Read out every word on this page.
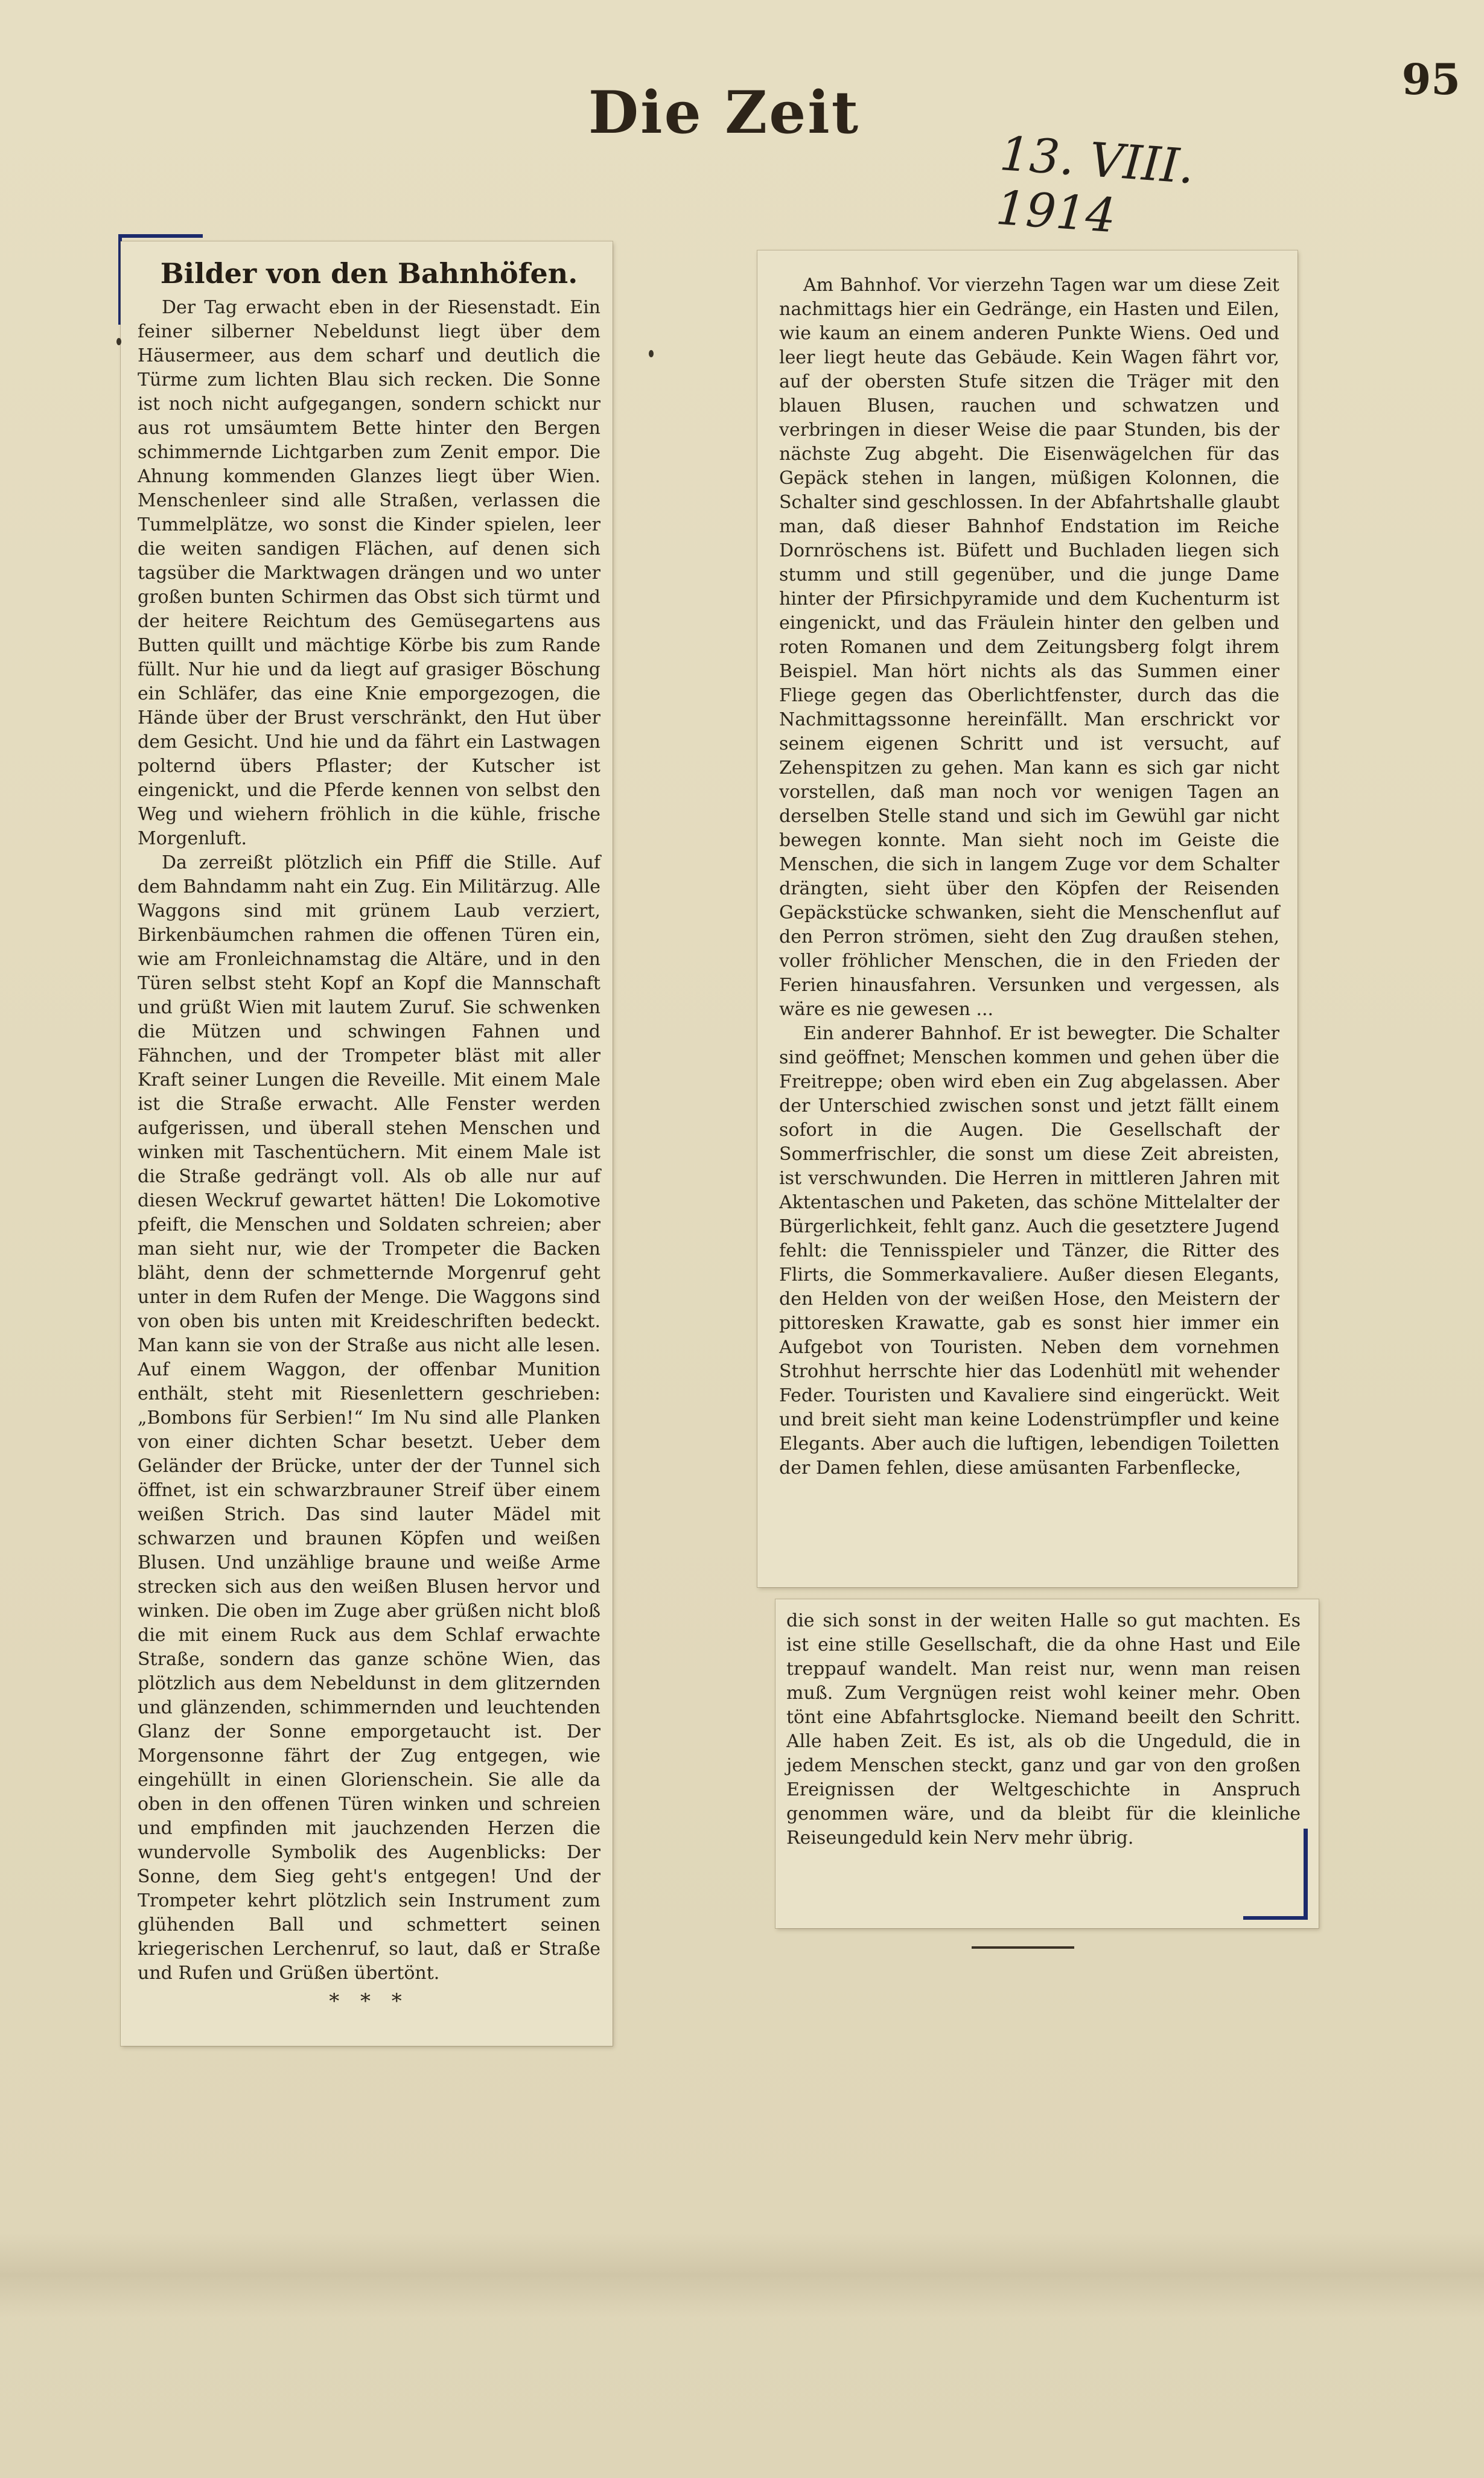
95
Die Zeit
13. VIII. 1914
Bilder von den Bahnhöfen.

Der Tag erwacht eben in der Riesenstadt. Ein feiner silberner Nebeldunst liegt über dem Häusermeer, aus dem scharf und deutlich die Türme zum lichten Blau sich recken. Die Sonne ist noch nicht aufgegangen, sondern schickt nur aus rot umsäumtem Bette hinter den Bergen schimmernde Lichtgarben zum Zenit empor. Die Ahnung kommenden Glanzes liegt über Wien. Menschenleer sind alle Straßen, verlassen die Tummelplätze, wo sonst die Kinder spielen, leer die weiten sandigen Flächen, auf denen sich tagsüber die Marktwagen drängen und wo unter großen bunten Schirmen das Obst sich türmt und der heitere Reichtum des Gemüsegartens aus Butten quillt und mächtige Körbe bis zum Rande füllt. Nur hie und da liegt auf grasiger Böschung ein Schläfer, das eine Knie emporgezogen, die Hände über der Brust verschränkt, den Hut über dem Gesicht. Und hie und da fährt ein Lastwagen polternd übers Pflaster; der Kutscher ist eingenickt, und die Pferde kennen von selbst den Weg und wiehern fröhlich in die kühle, frische Morgenluft.

Da zerreißt plötzlich ein Pfiff die Stille. Auf dem Bahndamm naht ein Zug. Ein Militärzug. Alle Waggons sind mit grünem Laub verziert, Birkenbäumchen rahmen die offenen Türen ein, wie am Fronleichnamstag die Altäre, und in den Türen selbst steht Kopf an Kopf die Mannschaft und grüßt Wien mit lautem Zuruf. Sie schwenken die Mützen und schwingen Fahnen und Fähnchen, und der Trompeter bläst mit aller Kraft seiner Lungen die Reveille. Mit einem Male ist die Straße erwacht. Alle Fenster werden aufgerissen, und überall stehen Menschen und winken mit Taschentüchern. Mit einem Male ist die Straße gedrängt voll. Als ob alle nur auf diesen Weckruf gewartet hätten! Die Lokomotive pfeift, die Menschen und Soldaten schreien; aber man sieht nur, wie der Trompeter die Backen bläht, denn der schmetternde Morgenruf geht unter in dem Rufen der Menge. Die Waggons sind von oben bis unten mit Kreideschriften bedeckt. Man kann sie von der Straße aus nicht alle lesen. Auf einem Waggon, der offenbar Munition enthält, steht mit Riesenlettern geschrieben: „Bombons für Serbien!“ Im Nu sind alle Planken von einer dichten Schar besetzt. Ueber dem Geländer der Brücke, unter der der Tunnel sich öffnet, ist ein schwarzbrauner Streif über einem weißen Strich. Das sind lauter Mädel mit schwarzen und braunen Köpfen und weißen Blusen. Und unzählige braune und weiße Arme strecken sich aus den weißen Blusen hervor und winken. Die oben im Zuge aber grüßen nicht bloß die mit einem Ruck aus dem Schlaf erwachte Straße, sondern das ganze schöne Wien, das plötzlich aus dem Nebeldunst in dem glitzernden und glänzenden, schimmernden und leuchtenden Glanz der Sonne emporgetaucht ist. Der Morgensonne fährt der Zug entgegen, wie eingehüllt in einen Glorienschein. Sie alle da oben in den offenen Türen winken und schreien und empfinden mit jauchzenden Herzen die wundervolle Symbolik des Augenblicks: Der Sonne, dem Sieg geht's entgegen! Und der Trompeter kehrt plötzlich sein Instrument zum glühenden Ball und schmettert seinen kriegerischen Lerchenruf, so laut, daß er Straße und Rufen und Grüßen übertönt.

* * *

Am Bahnhof. Vor vierzehn Tagen war um diese Zeit nachmittags hier ein Gedränge, ein Hasten und Eilen, wie kaum an einem anderen Punkte Wiens. Oed und leer liegt heute das Gebäude. Kein Wagen fährt vor, auf der obersten Stufe sitzen die Träger mit den blauen Blusen, rauchen und schwatzen und verbringen in dieser Weise die paar Stunden, bis der nächste Zug abgeht. Die Eisenwägelchen für das Gepäck stehen in langen, müßigen Kolonnen, die Schalter sind geschlossen. In der Abfahrtshalle glaubt man, daß dieser Bahnhof Endstation im Reiche Dornröschens ist. Büfett und Buchladen liegen sich stumm und still gegenüber, und die junge Dame hinter der Pfirsichpyramide und dem Kuchenturm ist eingenickt, und das Fräulein hinter den gelben und roten Romanen und dem Zeitungsberg folgt ihrem Beispiel. Man hört nichts als das Summen einer Fliege gegen das Oberlichtfenster, durch das die Nachmittagssonne hereinfällt. Man erschrickt vor seinem eigenen Schritt und ist versucht, auf Zehenspitzen zu gehen. Man kann es sich gar nicht vorstellen, daß man noch vor wenigen Tagen an derselben Stelle stand und sich im Gewühl gar nicht bewegen konnte. Man sieht noch im Geiste die Menschen, die sich in langem Zuge vor dem Schalter drängten, sieht über den Köpfen der Reisenden Gepäckstücke schwanken, sieht die Menschenflut auf den Perron strömen, sieht den Zug draußen stehen, voller fröhlicher Menschen, die in den Frieden der Ferien hinausfahren. Versunken und vergessen, als wäre es nie gewesen ...

Ein anderer Bahnhof. Er ist bewegter. Die Schalter sind geöffnet; Menschen kommen und gehen über die Freitreppe; oben wird eben ein Zug abgelassen. Aber der Unterschied zwischen sonst und jetzt fällt einem sofort in die Augen. Die Gesellschaft der Sommerfrischler, die sonst um diese Zeit abreisten, ist verschwunden. Die Herren in mittleren Jahren mit Aktentaschen und Paketen, das schöne Mittelalter der Bürgerlichkeit, fehlt ganz. Auch die gesetztere Jugend fehlt: die Tennisspieler und Tänzer, die Ritter des Flirts, die Sommerkavaliere. Außer diesen Elegants, den Helden von der weißen Hose, den Meistern der pittoresken Krawatte, gab es sonst hier immer ein Aufgebot von Touristen. Neben dem vornehmen Strohhut herrschte hier das Lodenhütl mit wehender Feder. Touristen und Kavaliere sind eingerückt. Weit und breit sieht man keine Lodenstrümpfler und keine Elegants. Aber auch die luftigen, lebendigen Toiletten der Damen fehlen, diese amüsanten Farbenflecke,

die sich sonst in der weiten Halle so gut machten. Es ist eine stille Gesellschaft, die da ohne Hast und Eile treppauf wandelt. Man reist nur, wenn man reisen muß. Zum Vergnügen reist wohl keiner mehr. Oben tönt eine Abfahrtsglocke. Niemand beeilt den Schritt. Alle haben Zeit. Es ist, als ob die Ungeduld, die in jedem Menschen steckt, ganz und gar von den großen Ereignissen der Weltgeschichte in Anspruch genommen wäre, und da bleibt für die kleinliche Reiseungeduld kein Nerv mehr übrig.
